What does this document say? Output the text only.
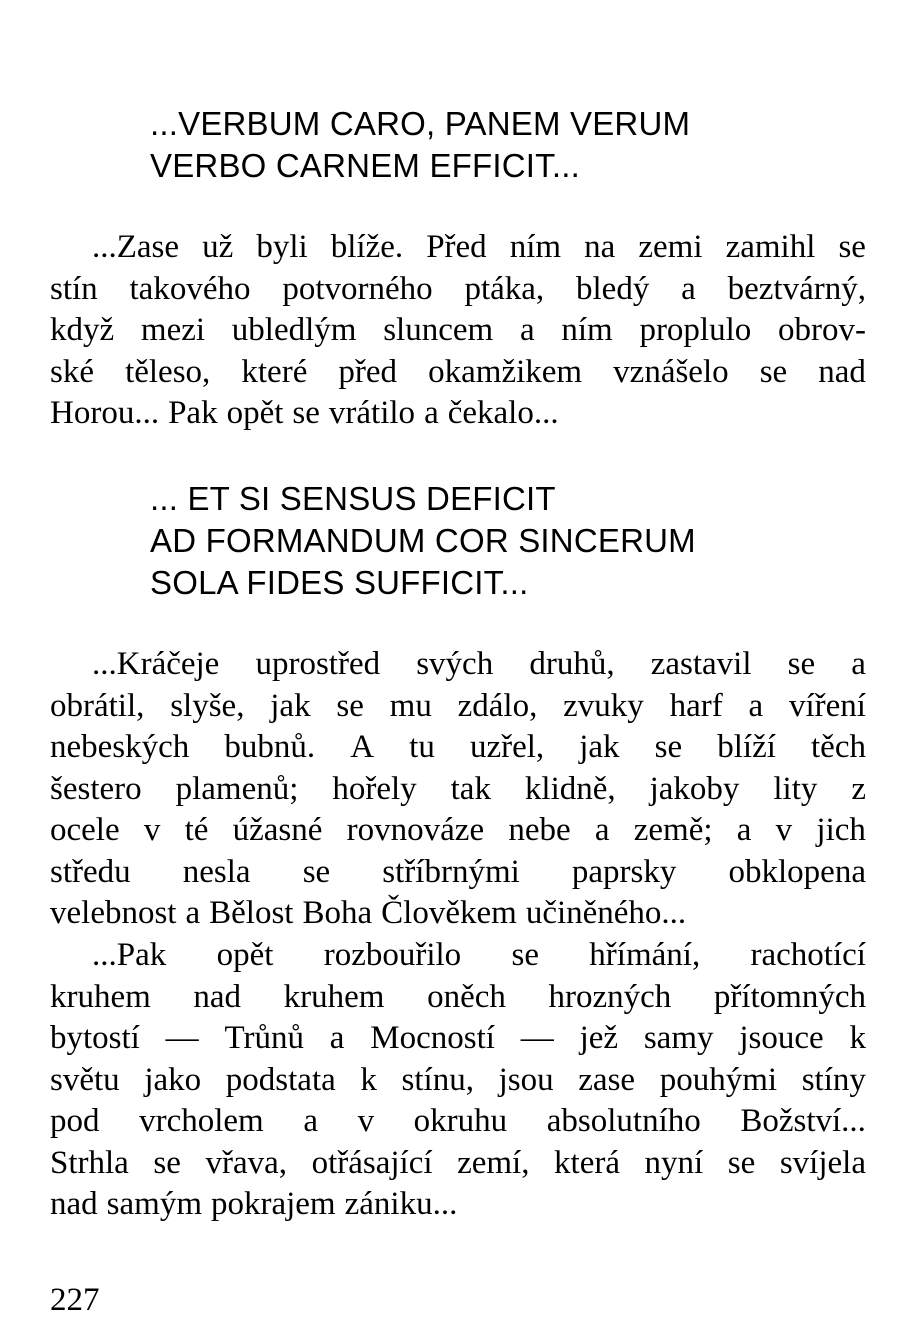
...VERBUM CARO, PANEM VERUM
VERBO CARNEM EFFICIT...
...Zase už byli blíže. Před ním na zemi zamihl se
stín takového potvorného ptáka, bledý a beztvárný,
když mezi ubledlým sluncem a ním proplulo obrov-
ské těleso, které před okamžikem vznášelo se nad
Horou... Pak opět se vrátilo a čekalo...
... ET SI SENSUS DEFICIT
AD FORMANDUM COR SINCERUM
SOLA FIDES SUFFICIT...
...Kráčeje uprostřed svých druhů, zastavil se a
obrátil, slyše, jak se mu zdálo, zvuky harf a víření
nebeských bubnů. A tu uzřel, jak se blíží těch
šestero plamenů; hořely tak klidně, jakoby lity z
ocele v té úžasné rovnováze nebe a země; a v jich
středu nesla se stříbrnými paprsky obklopena
velebnost a Bělost Boha Člověkem učiněného...
...Pak opět rozbouřilo se hřímání, rachotící
kruhem nad kruhem oněch hrozných přítomných
bytostí — Trůnů a Mocností — jež samy jsouce k
světu jako podstata k stínu, jsou zase pouhými stíny
pod vrcholem a v okruhu absolutního Božství...
Strhla se vřava, otřásající zemí, která nyní se svíjela
nad samým pokrajem zániku...
227
